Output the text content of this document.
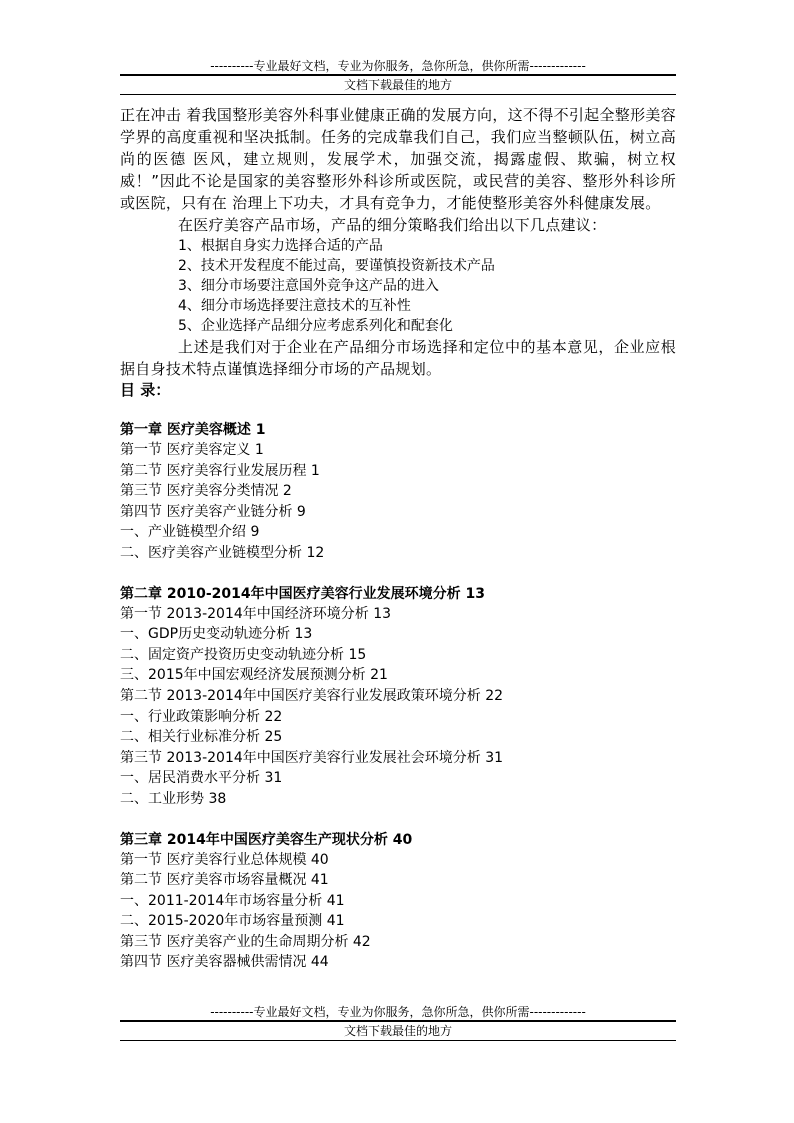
----------专业最好文档，专业为你服务，急你所急，供你所需-------------
文档下载最佳的地方

正在冲击 着我国整形美容外科事业健康正确的发展方向，这不得不引起全整形美容学界的高度重视和坚决抵制。任务的完成靠我们自己，我们应当整顿队伍，树立高尚的医德 医风，建立规则，发展学术，加强交流，揭露虚假、欺骗，树立权威！”因此不论是国家的美容整形外科诊所或医院，或民营的美容、整形外科诊所或医院，只有在 治理上下功夫，才具有竞争力，才能使整形美容外科健康发展。

在医疗美容产品市场，产品的细分策略我们给出以下几点建议：

1、根据自身实力选择合适的产品

2、技术开发程度不能过高，要谨慎投资新技术产品

3、细分市场要注意国外竞争这产品的进入

4、细分市场选择要注意技术的互补性

5、企业选择产品细分应考虑系列化和配套化

上述是我们对于企业在产品细分市场选择和定位中的基本意见，企业应根据自身技术特点谨慎选择细分市场的产品规划。

目 录：

第一章 医疗美容概述 1

第一节 医疗美容定义 1

第二节 医疗美容行业发展历程 1

第三节 医疗美容分类情况 2

第四节 医疗美容产业链分析 9

一、产业链模型介绍 9

二、医疗美容产业链模型分析 12

第二章 2010-2014年中国医疗美容行业发展环境分析 13

第一节 2013-2014年中国经济环境分析 13

一、GDP历史变动轨迹分析 13

二、固定资产投资历史变动轨迹分析 15

三、2015年中国宏观经济发展预测分析 21

第二节 2013-2014年中国医疗美容行业发展政策环境分析 22

一、行业政策影响分析 22

二、相关行业标准分析 25

第三节 2013-2014年中国医疗美容行业发展社会环境分析 31

一、居民消费水平分析 31

二、工业形势 38

第三章 2014年中国医疗美容生产现状分析 40

第一节 医疗美容行业总体规模 40

第二节 医疗美容市场容量概况 41

一、2011-2014年市场容量分析 41

二、2015-2020年市场容量预测 41

第三节 医疗美容产业的生命周期分析 42

第四节 医疗美容器械供需情况 44

----------专业最好文档，专业为你服务，急你所急，供你所需-------------
文档下载最佳的地方
